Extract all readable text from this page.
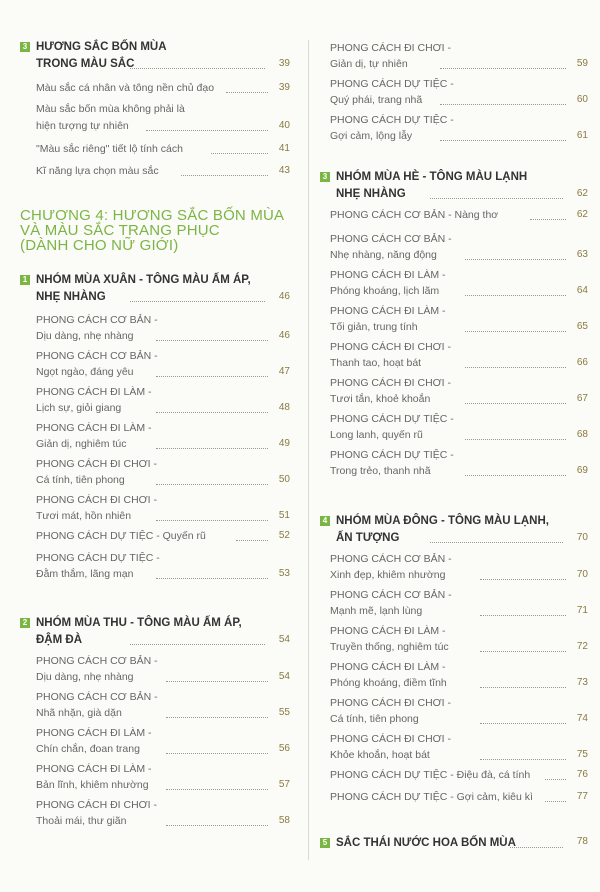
3 HƯƠNG SẮC BỐN MÙA
TRONG MÀU SẮC	39
Màu sắc cá nhân và tông nền chủ đạo	39
Màu sắc bốn mùa không phải là
hiện tượng tự nhiên	40
"Màu sắc riêng" tiết lộ tính cách	41
Kĩ năng lựa chọn màu sắc	43
1 NHÓM MÙA XUÂN - TÔNG MÀU ẤM ÁP,
NHẸ NHÀNG	46
PHONG CÁCH CƠ BẢN -
Dịu dàng, nhẹ nhàng	46
PHONG CÁCH CƠ BẢN -
Ngọt ngào, đáng yêu	47
PHONG CÁCH ĐI LÀM -
Lịch sự, giỏi giang	48
PHONG CÁCH ĐI LÀM -
Giản dị, nghiêm túc	49
PHONG CÁCH ĐI CHƠI -
Cá tính, tiên phong	50
PHONG CÁCH ĐI CHƠI -
Tươi mát, hồn nhiên	51
PHONG CÁCH DỰ TIỆC - Quyến rũ	52
PHONG CÁCH DỰ TIỆC -
Đằm thắm, lãng mạn	53
2 NHÓM MÙA THU - TÔNG MÀU ẤM ÁP,
ĐẬM ĐÀ	54
PHONG CÁCH CƠ BẢN -
Dịu dàng, nhẹ nhàng	54
PHONG CÁCH CƠ BẢN -
Nhã nhặn, già dặn	55
PHONG CÁCH ĐI LÀM -
Chín chắn, đoan trang	56
PHONG CÁCH ĐI LÀM -
Bản lĩnh, khiêm nhường	57
PHONG CÁCH ĐI CHƠI -
Thoải mái, thư giãn	58
PHONG CÁCH ĐI CHƠI -
Giản dị, tự nhiên	59
PHONG CÁCH DỰ TIỆC -
Quý phái, trang nhã	60
PHONG CÁCH DỰ TIỆC -
Gợi cảm, lộng lẫy	61
3 NHÓM MÙA HÈ - TÔNG MÀU LẠNH
NHẸ NHÀNG	62
PHONG CÁCH CƠ BẢN - Nàng thơ	62
PHONG CÁCH CƠ BẢN -
Nhẹ nhàng, năng động	63
PHONG CÁCH ĐI LÀM -
Phóng khoáng, lịch lãm	64
PHONG CÁCH ĐI LÀM -
Tối giản, trung tính	65
PHONG CÁCH ĐI CHƠI -
Thanh tao, hoạt bát	66
PHONG CÁCH ĐI CHƠI -
Tươi tắn, khoẻ khoắn	67
PHONG CÁCH DỰ TIỆC -
Long lanh, quyến rũ	68
PHONG CÁCH DỰ TIỆC -
Trong trẻo, thanh nhã	69
4 NHÓM MÙA ĐÔNG - TÔNG MÀU LẠNH,
ẤN TƯỢNG	70
PHONG CÁCH CƠ BẢN -
Xinh đẹp, khiêm nhường	70
PHONG CÁCH CƠ BẢN -
Mạnh mẽ, lạnh lùng	71
PHONG CÁCH ĐI LÀM -
Truyền thống, nghiêm túc	72
PHONG CÁCH ĐI LÀM -
Phóng khoáng, điềm tĩnh	73
PHONG CÁCH ĐI CHƠI -
Cá tính, tiên phong	74
PHONG CÁCH ĐI CHƠI -
Khỏe khoắn, hoạt bát	75
PHONG CÁCH DỰ TIỆC - Điệu đà, cá tính	76
PHONG CÁCH DỰ TIỆC - Gợi cảm, kiêu kì	77
5 SẮC THÁI NƯỚC HOA BỐN MÙA	78
CHƯƠNG 4: HƯƠNG SẮC BỐN MÙA
VÀ MÀU SẮC TRANG PHỤC
(DÀNH CHO NỮ GIỚI)
